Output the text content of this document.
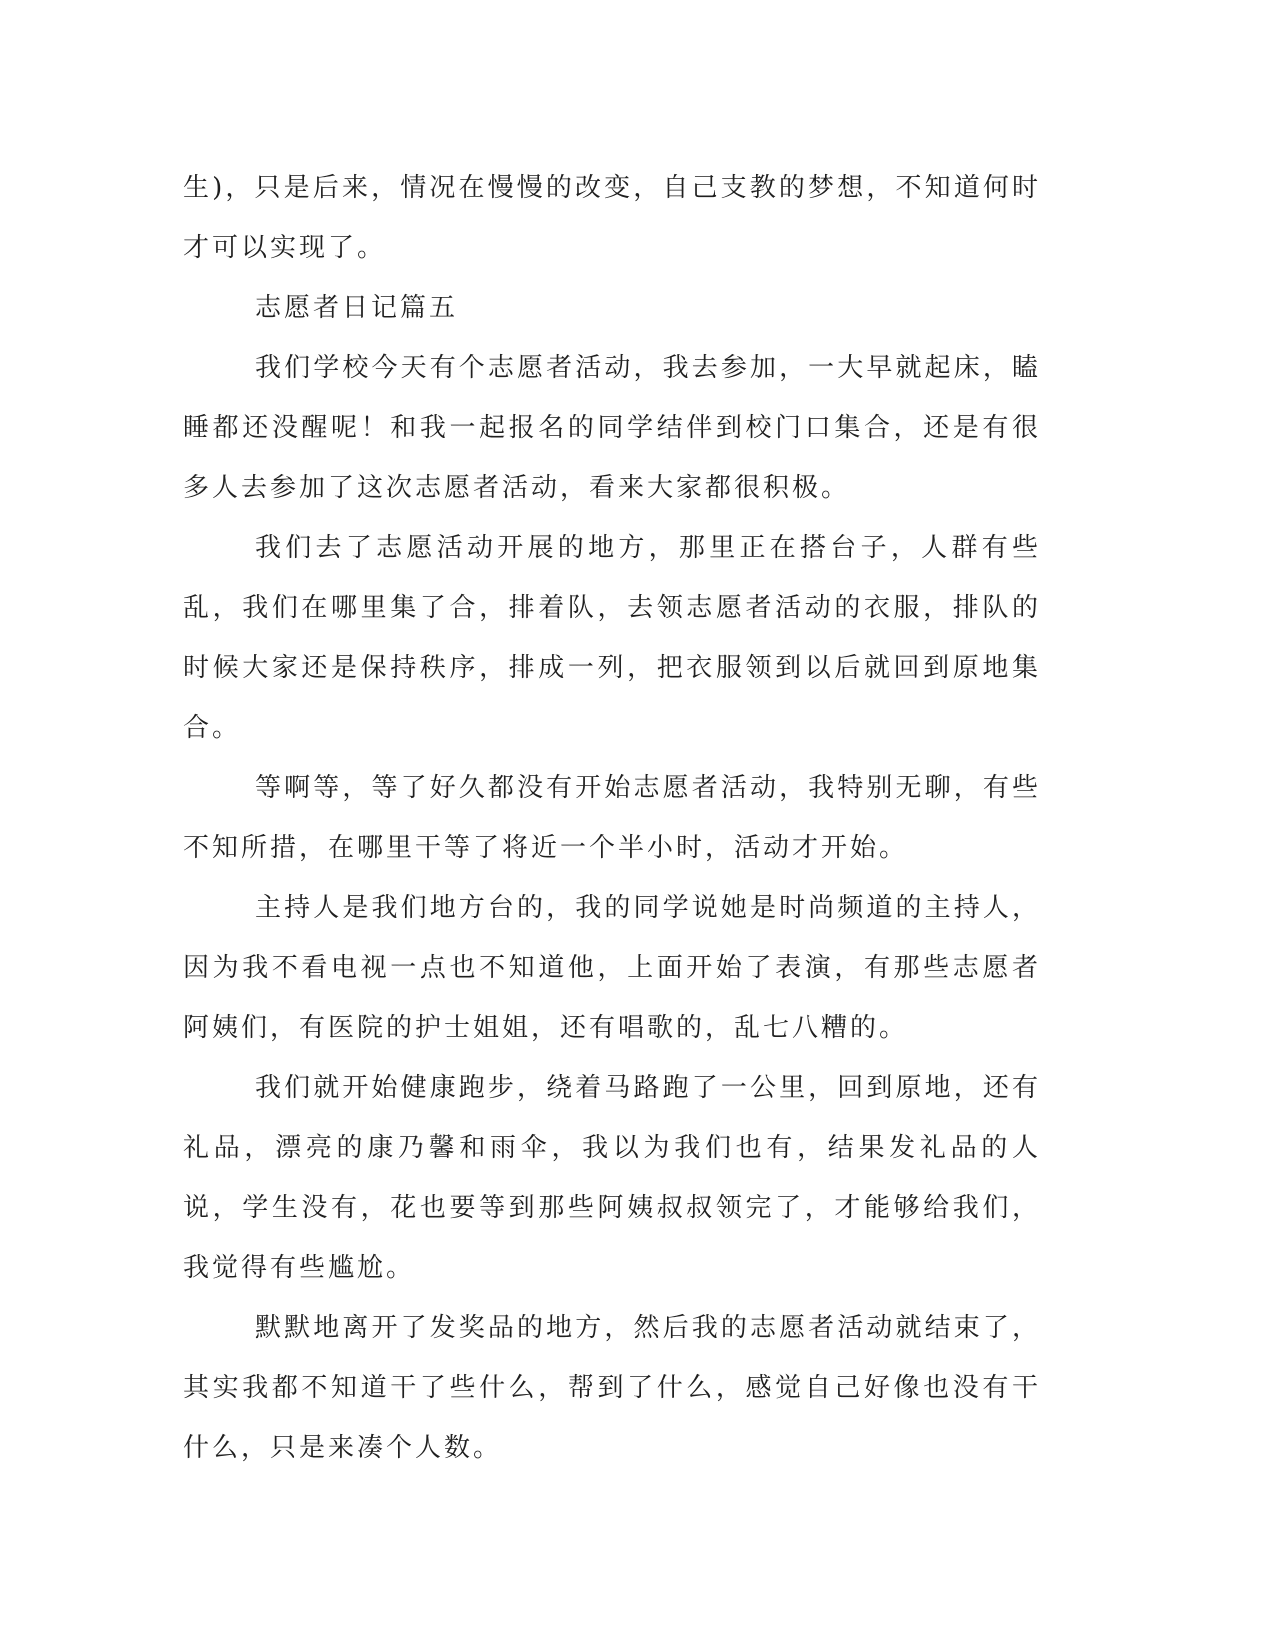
生)，只是后来，情况在慢慢的改变，自己支教的梦想，不知道何时才可以实现了。

志愿者日记篇五

我们学校今天有个志愿者活动，我去参加，一大早就起床，瞌睡都还没醒呢！和我一起报名的同学结伴到校门口集合，还是有很多人去参加了这次志愿者活动，看来大家都很积极。

我们去了志愿活动开展的地方，那里正在搭台子，人群有些乱，我们在哪里集了合，排着队，去领志愿者活动的衣服，排队的时候大家还是保持秩序，排成一列，把衣服领到以后就回到原地集合。

等啊等，等了好久都没有开始志愿者活动，我特别无聊，有些不知所措，在哪里干等了将近一个半小时，活动才开始。

主持人是我们地方台的，我的同学说她是时尚频道的主持人，因为我不看电视一点也不知道他，上面开始了表演，有那些志愿者阿姨们，有医院的护士姐姐，还有唱歌的，乱七八糟的。

我们就开始健康跑步，绕着马路跑了一公里，回到原地，还有礼品，漂亮的康乃馨和雨伞，我以为我们也有，结果发礼品的人说，学生没有，花也要等到那些阿姨叔叔领完了，才能够给我们，我觉得有些尴尬。

默默地离开了发奖品的地方，然后我的志愿者活动就结束了，其实我都不知道干了些什么，帮到了什么，感觉自己好像也没有干什么，只是来凑个人数。
